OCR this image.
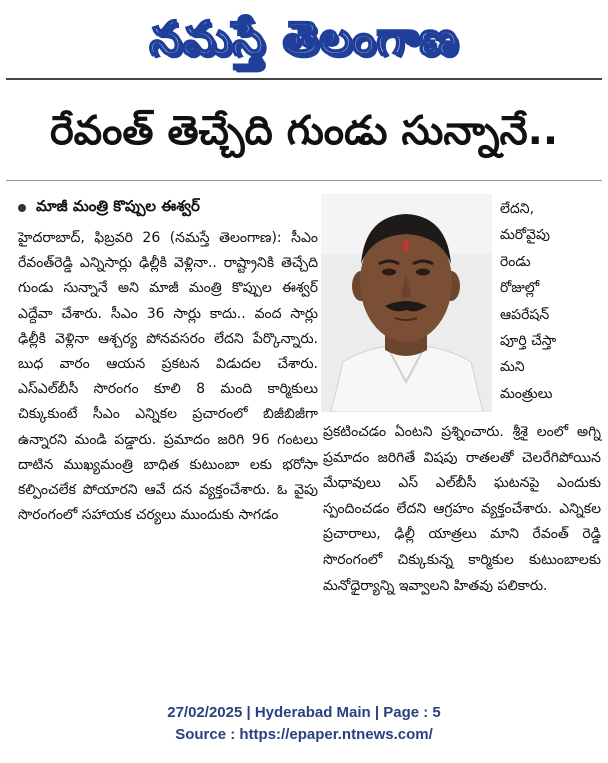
నమస్తే తెలంగాణ
రేవంత్ తెచ్చేది గుండు సున్నానే..
మాజీ మంత్రి కొప్పుల ఈశ్వర్
హైదరాబాద్, ఫిబ్రవరి 26 (నమస్తే తెలంగాణ): సీఎం రేవంత్‌రెడ్డి ఎన్నిసార్లు ఢిల్లీకి వెళ్లినా.. రాష్ట్రానికి తెచ్చేది గుండు సున్నానే అని మాజీ మంత్రి కొప్పుల ఈశ్వర్ ఎద్దేవా చేశారు. సీఎం 36 సార్లు కాదు.. వంద సార్లు ఢిల్లీకి వెళ్లినా ఆశ్చర్య పోనవసరం లేదని పేర్కొన్నారు. బుధ వారం ఆయన ప్రకటన విడుదల చేశారు. ఎస్‌ఎల్‌బీసీ సొరంగం కూలి 8 మంది కార్మికులు చిక్కుకుంటే సీఎం ఎన్నికల ప్రచారంలో బిజీబిజీగా ఉన్నారని మండి పడ్డారు. ప్రమాదం జరిగి 96 గంటలు దాటిన ముఖ్యమంత్రి బాధిత కుటుంబా లకు భరోసా కల్పించలేక పోయారని ఆవే దన వ్యక్తంచేశారు. ఓ వైపు సొరంగంలో సహాయక చర్యలు ముందుకు సాగడం
లేదని,
మరోవైపు
రెండు
రోజుల్లో
ఆపరేషన్
పూర్తి చేస్తా
మని
మంత్రులు
ప్రకటించడం ఏంటని ప్రశ్నించారు. శ్రీశై లంలో అగ్ని ప్రమాదం జరిగితే విషపు రాతలతో చెలరేగిపోయిన మేధావులు ఎస్ ఎల్‌బీసీ ఘటనపై ఎందుకు స్పందించడం లేదని ఆగ్రహం వ్యక్తంచేశారు. ఎన్నికల ప్రచారాలు, ఢిల్లీ యాత్రలు మాని రేవంత్ రెడ్డి సొరంగంలో చిక్కుకున్న కార్మికుల కుటుంబాలకు మనోధైర్యాన్ని ఇవ్వాలని హితవు పలికారు.
27/02/2025 | Hyderabad Main | Page : 5
Source : https://epaper.ntnews.com/
